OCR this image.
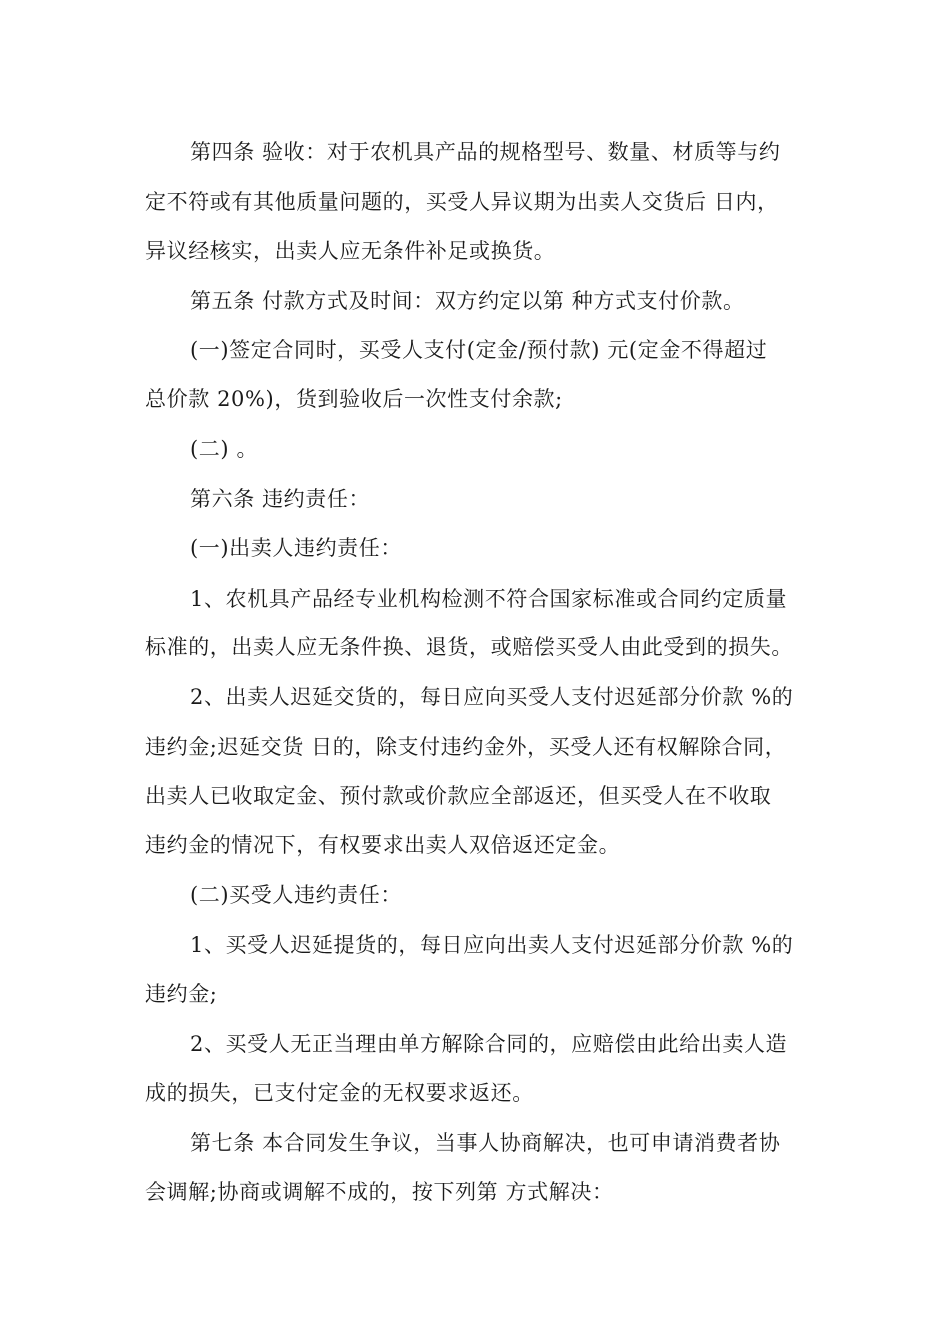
第四条 验收：对于农机具产品的规格型号、数量、材质等与约
定不符或有其他质量问题的，买受人异议期为出卖人交货后 日内，
异议经核实，出卖人应无条件补足或换货。
第五条 付款方式及时间：双方约定以第 种方式支付价款。
(一)签定合同时，买受人支付(定金/预付款) 元(定金不得超过
总价款 20%)，货到验收后一次性支付余款;
(二) 。
第六条 违约责任：
(一)出卖人违约责任：
1、农机具产品经专业机构检测不符合国家标准或合同约定质量
标准的，出卖人应无条件换、退货，或赔偿买受人由此受到的损失。
2、出卖人迟延交货的，每日应向买受人支付迟延部分价款 %的
违约金;迟延交货 日的，除支付违约金外，买受人还有权解除合同，
出卖人已收取定金、预付款或价款应全部返还，但买受人在不收取
违约金的情况下，有权要求出卖人双倍返还定金。
(二)买受人违约责任：
1、买受人迟延提货的，每日应向出卖人支付迟延部分价款 %的
违约金;
2、买受人无正当理由单方解除合同的，应赔偿由此给出卖人造
成的损失，已支付定金的无权要求返还。
第七条 本合同发生争议，当事人协商解决，也可申请消费者协
会调解;协商或调解不成的，按下列第 方式解决：
